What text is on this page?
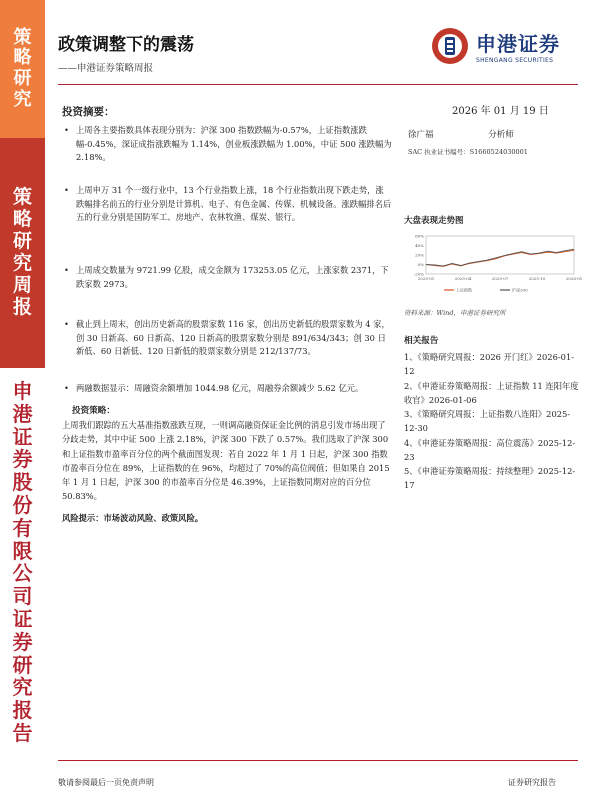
策
略
研
究
策
略
研
究
周
报
申
港
证
券
股
份
有
限
公
司
证
券
研
究
报
告
政策调整下的震荡
——申港证券策略周报
申港证券
SHENGANG SECURITIES
投资摘要：
• 上周各主要指数具体表现分别为：沪深 300 指数跌幅为-0.57%，上证指数涨跌幅-0.45%，深证成指涨跌幅为 1.14%，创业板涨跌幅为 1.00%，中证 500 涨跌幅为 2.18%。
• 上周申万 31 个一级行业中，13 个行业指数上涨，18 个行业指数出现下跌走势，涨跌幅排名前五的行业分别是计算机、电子、有色金属、传媒、机械设备。涨跌幅排名后五的行业分别是国防军工、房地产、农林牧渔、煤炭、银行。
• 上周成交数量为 9721.99 亿股，成交金额为 173253.05 亿元，上涨家数 2371，下跌家数 2973。
• 截止到上周末，创出历史新高的股票家数 116 家，创出历史新低的股票家数为 4 家，创 30 日新高、60 日新高、120 日新高的股票家数分别是 891/634/343；创 30 日新低、60 日新低、120 日新低的股票家数分别是 212/137/73。
• 两融数据显示：周融资余额增加 1044.98 亿元，周融券余额减少 5.62 亿元。
投资策略：
上周我们跟踪的五大基准指数涨跌互现，一则调高融资保证金比例的消息引发市场出现了分歧走势，其中中证 500 上涨 2.18%，沪深 300 下跌了 0.57%。我们选取了沪深 300 和上证指数市盈率百分位的两个截面图发现：若自 2022 年 1 月 1 日起，沪深 300 指数市盈率百分位在 89%，上证指数的在 96%，均超过了 70%的高位阀值；但如果自 2015 年 1 月 1 日起，沪深 300 的市盈率百分位是 46.39%，上证指数同期对应的百分位 50.83%。
风险提示：市场波动风险、政策风险。
2026 年 01 月 19 日
徐广福	分析师
SAC 执业证书编号：S1660524030001
大盘表现走势图
60%
40%
20%
0%
-20%
2025-01	2025-04	2025-07	2025-10	2026-01
上证指数	沪深300
资料来源：Wind，申港证券研究所
相关报告
1、《策略研究周报：2026 开门红》2026-01-12
2、《申港证券策略周报：上证指数 11 连阳年度收官》2026-01-06
3、《策略研究周报：上证指数八连阳》2025-12-30
4、《申港证券策略周报：高位震荡》2025-12-23
5、《申港证券策略周报：持续整理》2025-12-17
敬请参阅最后一页免责声明	证券研究报告
